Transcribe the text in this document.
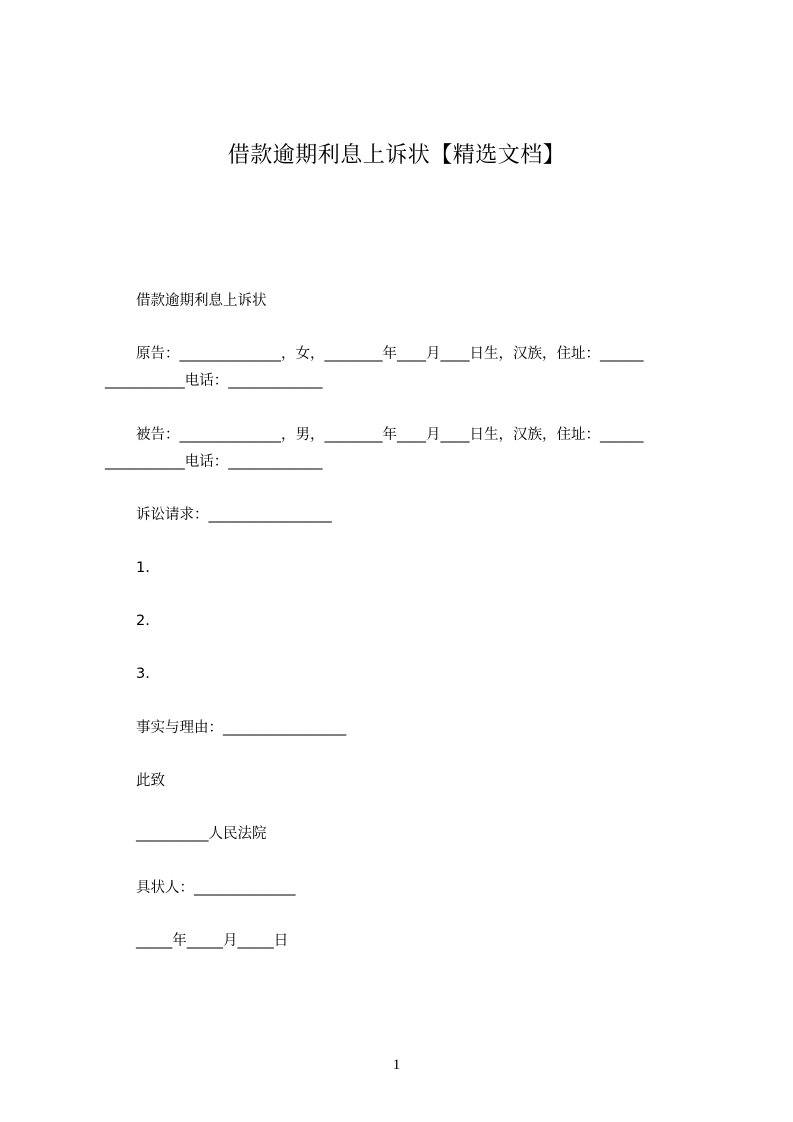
借款逾期利息上诉状【精选文档】
借款逾期利息上诉状
原告：______________，女，________年____月____日生，汉族，住址：______
___________电话：_____________
被告：______________，男，________年____月____日生，汉族，住址：______
___________电话：_____________
诉讼请求：_________________
1.
2.
3.
事实与理由：_________________
此致
__________人民法院
具状人：______________
_____年_____月_____日
1
